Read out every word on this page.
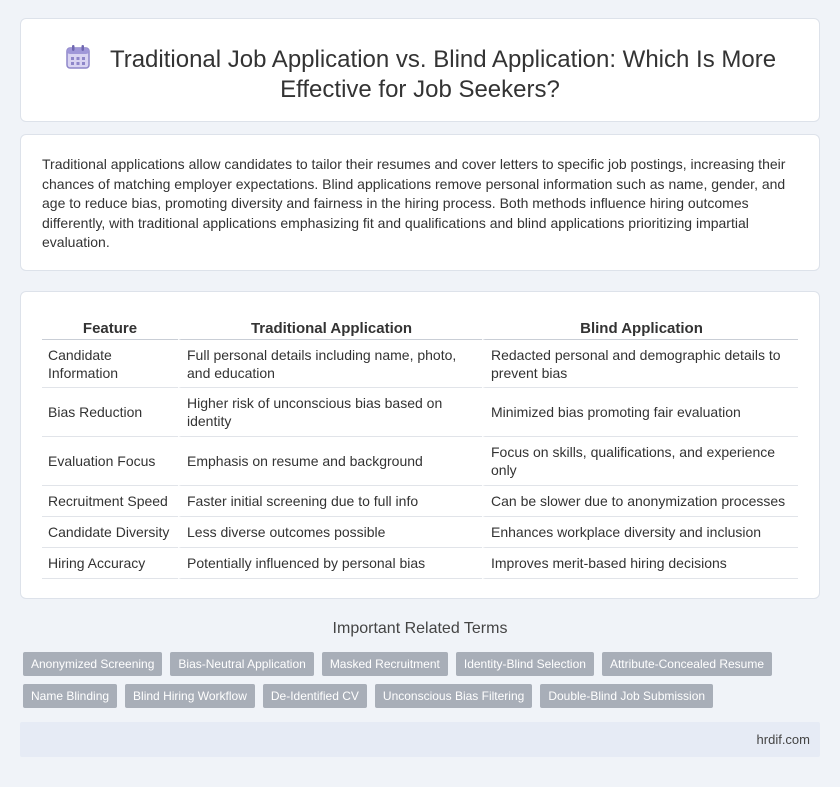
Traditional Job Application vs. Blind Application: Which Is More Effective for Job Seekers?

Traditional applications allow candidates to tailor their resumes and cover letters to specific job postings, increasing their chances of matching employer expectations. Blind applications remove personal information such as name, gender, and age to reduce bias, promoting diversity and fairness in the hiring process. Both methods influence hiring outcomes differently, with traditional applications emphasizing fit and qualifications and blind applications prioritizing impartial evaluation.

Feature	Traditional Application	Blind Application
Candidate Information	Full personal details including name, photo, and education	Redacted personal and demographic details to prevent bias
Bias Reduction	Higher risk of unconscious bias based on identity	Minimized bias promoting fair evaluation
Evaluation Focus	Emphasis on resume and background	Focus on skills, qualifications, and experience only
Recruitment Speed	Faster initial screening due to full info	Can be slower due to anonymization processes
Candidate Diversity	Less diverse outcomes possible	Enhances workplace diversity and inclusion
Hiring Accuracy	Potentially influenced by personal bias	Improves merit-based hiring decisions
Important Related Terms
Anonymized Screening	Bias-Neutral Application	Masked Recruitment	Identity-Blind Selection	Attribute-Concealed Resume
Name Blinding	Blind Hiring Workflow	De-Identified CV	Unconscious Bias Filtering	Double-Blind Job Submission
hrdif.com
